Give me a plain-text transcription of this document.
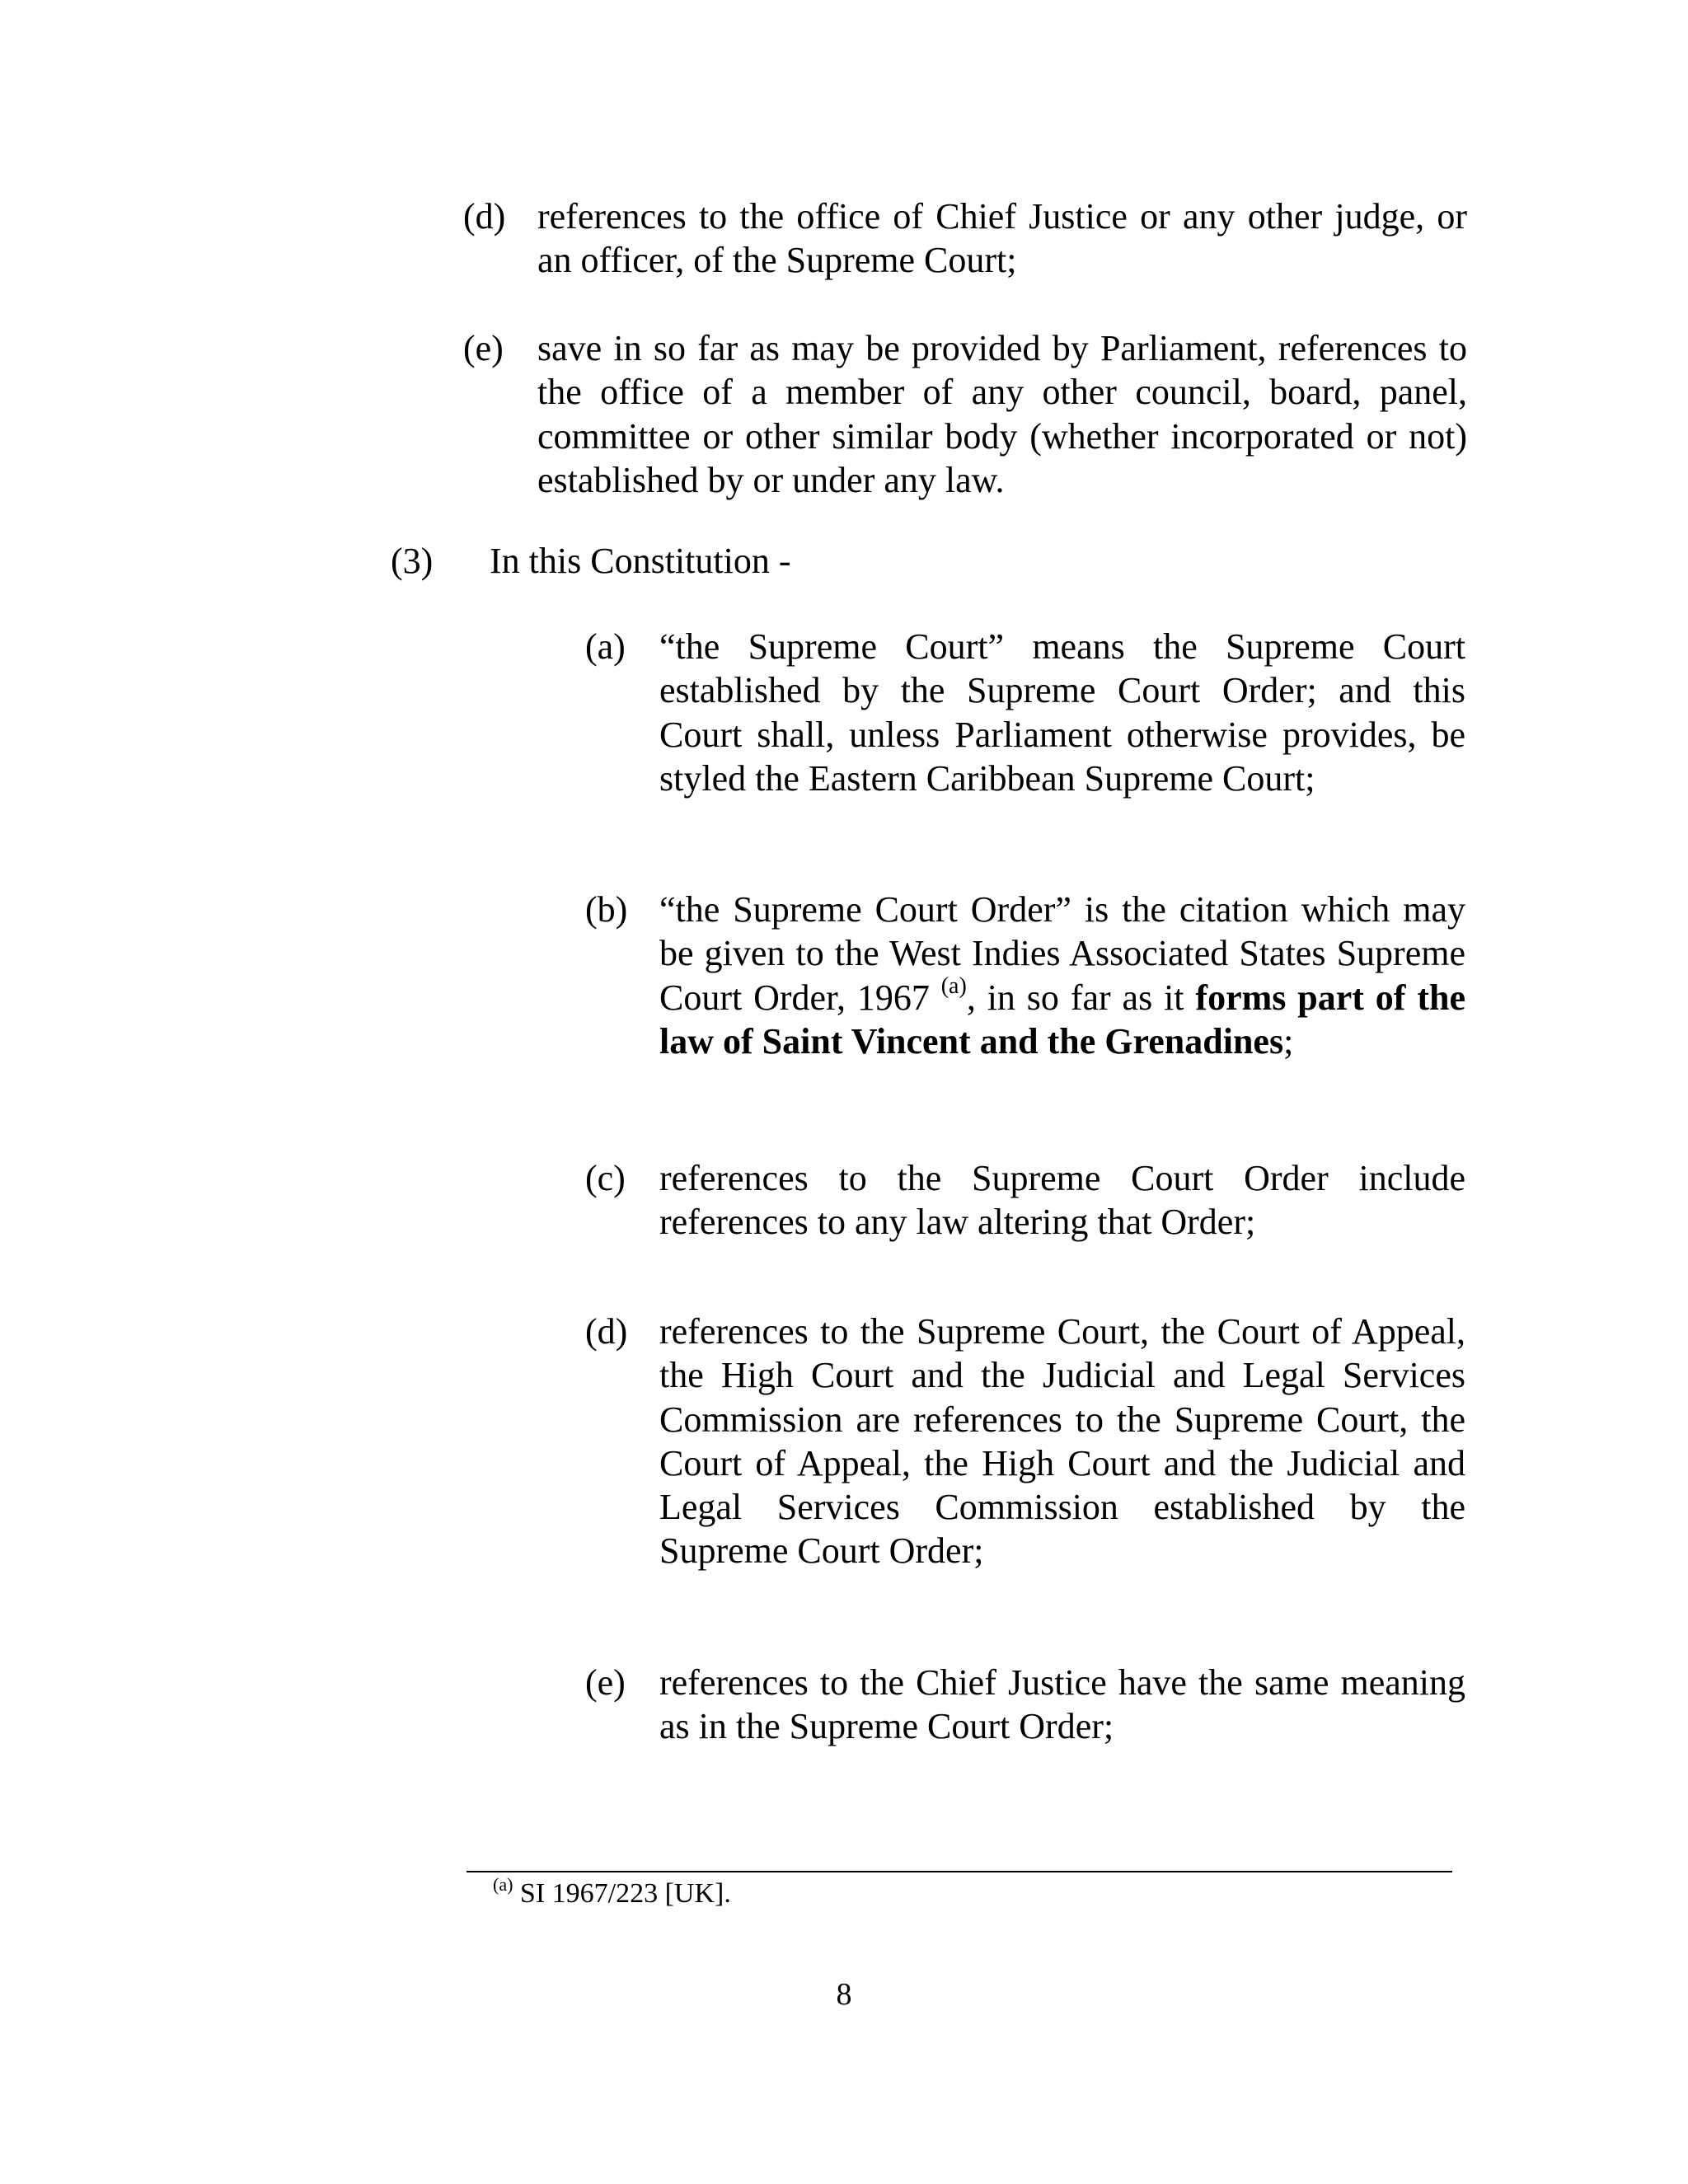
(d) references to the office of Chief Justice or any other judge, or an officer, of the Supreme Court;
(e) save in so far as may be provided by Parliament, references to the office of a member of any other council, board, panel, committee or other similar body (whether incorporated or not) established by or under any law.
(3) In this Constitution -
(a) “the Supreme Court” means the Supreme Court established by the Supreme Court Order; and this Court shall, unless Parliament otherwise provides, be styled the Eastern Caribbean Supreme Court;
(b) “the Supreme Court Order” is the citation which may be given to the West Indies Associated States Supreme Court Order, 1967 $^{(a)}$, in so far as it forms part of the law of Saint Vincent and the Grenadines;
(c) references to the Supreme Court Order include references to any law altering that Order;
(d) references to the Supreme Court, the Court of Appeal, the High Court and the Judicial and Legal Services Commission are references to the Supreme Court, the Court of Appeal, the High Court and the Judicial and Legal Services Commission established by the Supreme Court Order;
(e) references to the Chief Justice have the same meaning as in the Supreme Court Order;
$^{(a)}$ SI 1967/223 [UK].
8
